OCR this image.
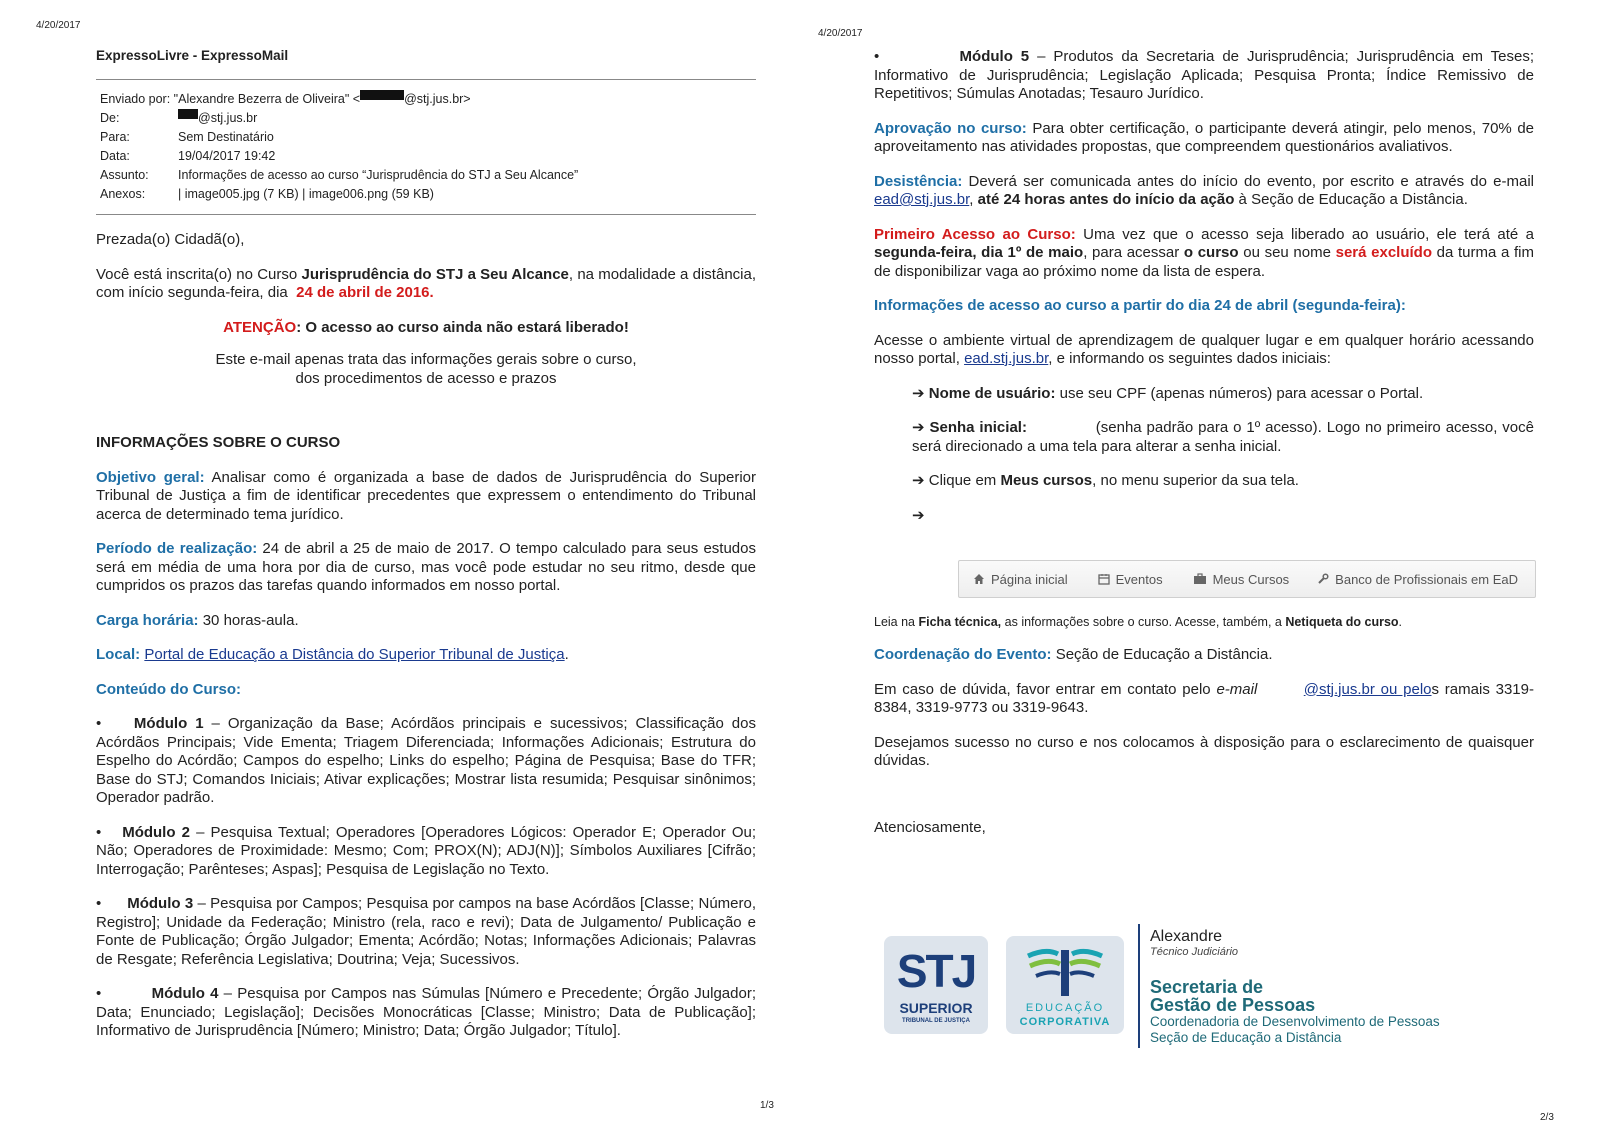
4/20/2017
4/20/2017
ExpressoLivre - ExpressoMail
Enviado por:
"Alexandre Bezerra de Oliveira" <	@stj.jus.br>
De:	@stj.jus.br
Para:	Sem Destinatário
Data:	19/04/2017 19:42
Assunto:	Informações de acesso ao curso “Jurisprudência do STJ a Seu Alcance”
Anexos:	| image005.jpg (7 KB) | image006.png (59 KB)

Prezada(o) Cidadã(o),

Você está inscrita(o) no Curso Jurisprudência do STJ a Seu Alcance, na modalidade a distância, com início segunda-feira, dia  24 de abril de 2016.

ATENÇÃO: O acesso ao curso ainda não estará liberado!

Este e-mail apenas trata das informações gerais sobre o curso,
dos procedimentos de acesso e prazos

INFORMAÇÕES SOBRE O CURSO

Objetivo geral: Analisar como é organizada a base de dados de Jurisprudência do Superior Tribunal de Justiça a fim de identificar precedentes que expressem o entendimento do Tribunal acerca de determinado tema jurídico.

Período de realização: 24 de abril a 25 de maio de 2017. O tempo calculado para seus estudos será em média de uma hora por dia de curso, mas você pode estudar no seu ritmo, desde que cumpridos os prazos das tarefas quando informados em nosso portal.

Carga horária: 30 horas-aula.

Local: Portal de Educação a Distância do Superior Tribunal de Justiça.

Conteúdo do Curso:

• Módulo 1 – Organização da Base; Acórdãos principais e sucessivos; Classificação dos Acórdãos Principais; Vide Ementa; Triagem Diferenciada; Informações Adicionais; Estrutura do Espelho do Acórdão; Campos do espelho; Links do espelho; Página de Pesquisa; Base do TFR; Base do STJ; Comandos Iniciais; Ativar explicações; Mostrar lista resumida; Pesquisar sinônimos; Operador padrão.

• Módulo 2 – Pesquisa Textual; Operadores [Operadores Lógicos: Operador E; Operador Ou; Não; Operadores de Proximidade: Mesmo; Com; PROX(N); ADJ(N)]; Símbolos Auxiliares [Cifrão; Interrogação; Parênteses; Aspas]; Pesquisa de Legislação no Texto.

• Módulo 3 – Pesquisa por Campos; Pesquisa por campos na base Acórdãos [Classe; Número, Registro]; Unidade da Federação; Ministro (rela, raco e revi); Data de Julgamento/ Publicação e Fonte de Publicação; Órgão Julgador; Ementa; Acórdão; Notas; Informações Adicionais; Palavras de Resgate; Referência Legislativa; Doutrina; Veja; Sucessivos.

•	Módulo 4 – Pesquisa por Campos nas Súmulas [Número e Precedente; Órgão Julgador; Data; Enunciado; Legislação]; Decisões Monocráticas [Classe; Ministro; Data de Publicação]; Informativo de Jurisprudência [Número; Ministro; Data; Órgão Julgador; Título].

1/3

•	Módulo 5 – Produtos da Secretaria de Jurisprudência; Jurisprudência em Teses; Informativo de Jurisprudência; Legislação Aplicada; Pesquisa Pronta; Índice Remissivo de Repetitivos; Súmulas Anotadas; Tesauro Jurídico.

Aprovação no curso: Para obter certificação, o participante deverá atingir, pelo menos, 70% de aproveitamento nas atividades propostas, que compreendem questionários avaliativos.

Desistência: Deverá ser comunicada antes do início do evento, por escrito e através do e-mail ead@stj.jus.br, até 24 horas antes do início da ação à Seção de Educação a Distância.

Primeiro Acesso ao Curso: Uma vez que o acesso seja liberado ao usuário, ele terá até a segunda-feira, dia 1º de maio, para acessar o curso ou seu nome será excluído da turma a fim de disponibilizar vaga ao próximo nome da lista de espera.

Informações de acesso ao curso a partir do dia 24 de abril (segunda-feira):

Acesse o ambiente virtual de aprendizagem de qualquer lugar e em qualquer horário acessando nosso portal, ead.stj.jus.br, e informando os seguintes dados iniciais:

➔ Nome de usuário: use seu CPF (apenas números) para acessar o Portal.

➔ Senha inicial:	(senha padrão para o 1º acesso). Logo no primeiro acesso, você será direcionado a uma tela para alterar a senha inicial.

➔ Clique em Meus cursos, no menu superior da sua tela.

➔

Página inicial	Eventos	Meus Cursos	Banco de Profissionais em EaD
Leia na Ficha técnica, as informações sobre o curso. Acesse, também, a Netiqueta do curso.

Coordenação do Evento: Seção de Educação a Distância.

Em caso de dúvida, favor entrar em contato pelo e-mail	@stj.jus.br ou pelos ramais 3319-8384, 3319-9773 ou 3319-9643.

Desejamos sucesso no curso e nos colocamos à disposição para o esclarecimento de quaisquer dúvidas.

Atenciosamente,

STJ
SUPERIOR
TRIBUNAL DE JUSTIÇA
EDUCAÇÃO
CORPORATIVA
Alexandre
Técnico Judiciário
Secretaria de
Gestão de Pessoas
Coordenadoria de Desenvolvimento de Pessoas
Seção de Educação a Distância
2/3
